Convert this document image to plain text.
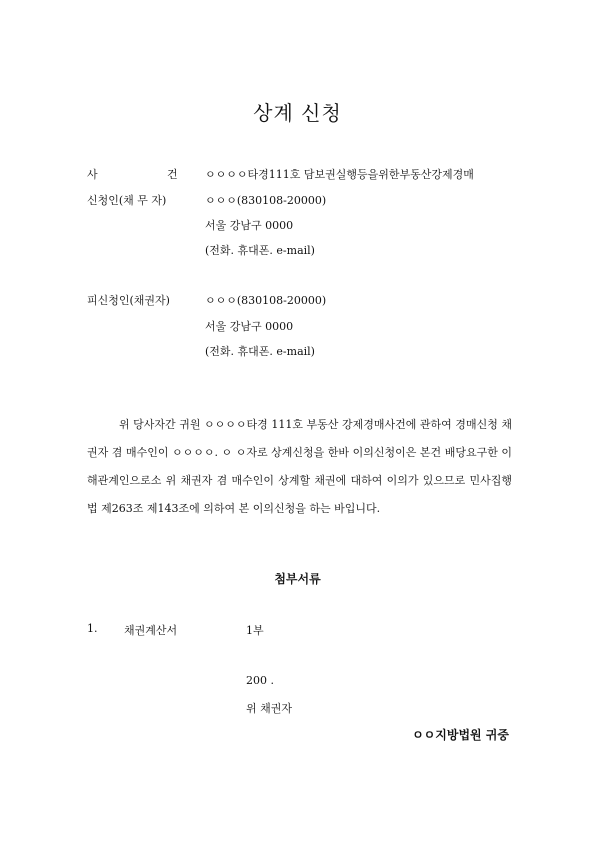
상계 신청
사	건 ㅇㅇㅇㅇ타경111호 담보권실행등을위한부동산강제경매
신청인(채 무 자)	ㅇㅇㅇ(830108-20000)
서울 강남구 0000
(전화. 휴대폰. e-mail)
피신청인(채권자)	ㅇㅇㅇ(830108-20000)
서울 강남구 0000
(전화. 휴대폰. e-mail)
위 당사자간 귀원 ㅇㅇㅇㅇ타경 111호 부동산 강제경매사건에 관하여 경매신청 채권자 겸 매수인이 ㅇㅇㅇㅇ. ㅇ ㅇ자로 상계신청을 한바 이의신청이은 본건 배당요구한 이해관계인으로소 위 채권자 겸 매수인이 상계할 채권에 대하여 이의가 있으므로 민사집행법 제263조 제143조에 의하여 본 이의신청을 하는 바입니다.
첨부서류
1. 채권계산서	1부
200 .
위 채권자
ㅇㅇ지방법원 귀중
